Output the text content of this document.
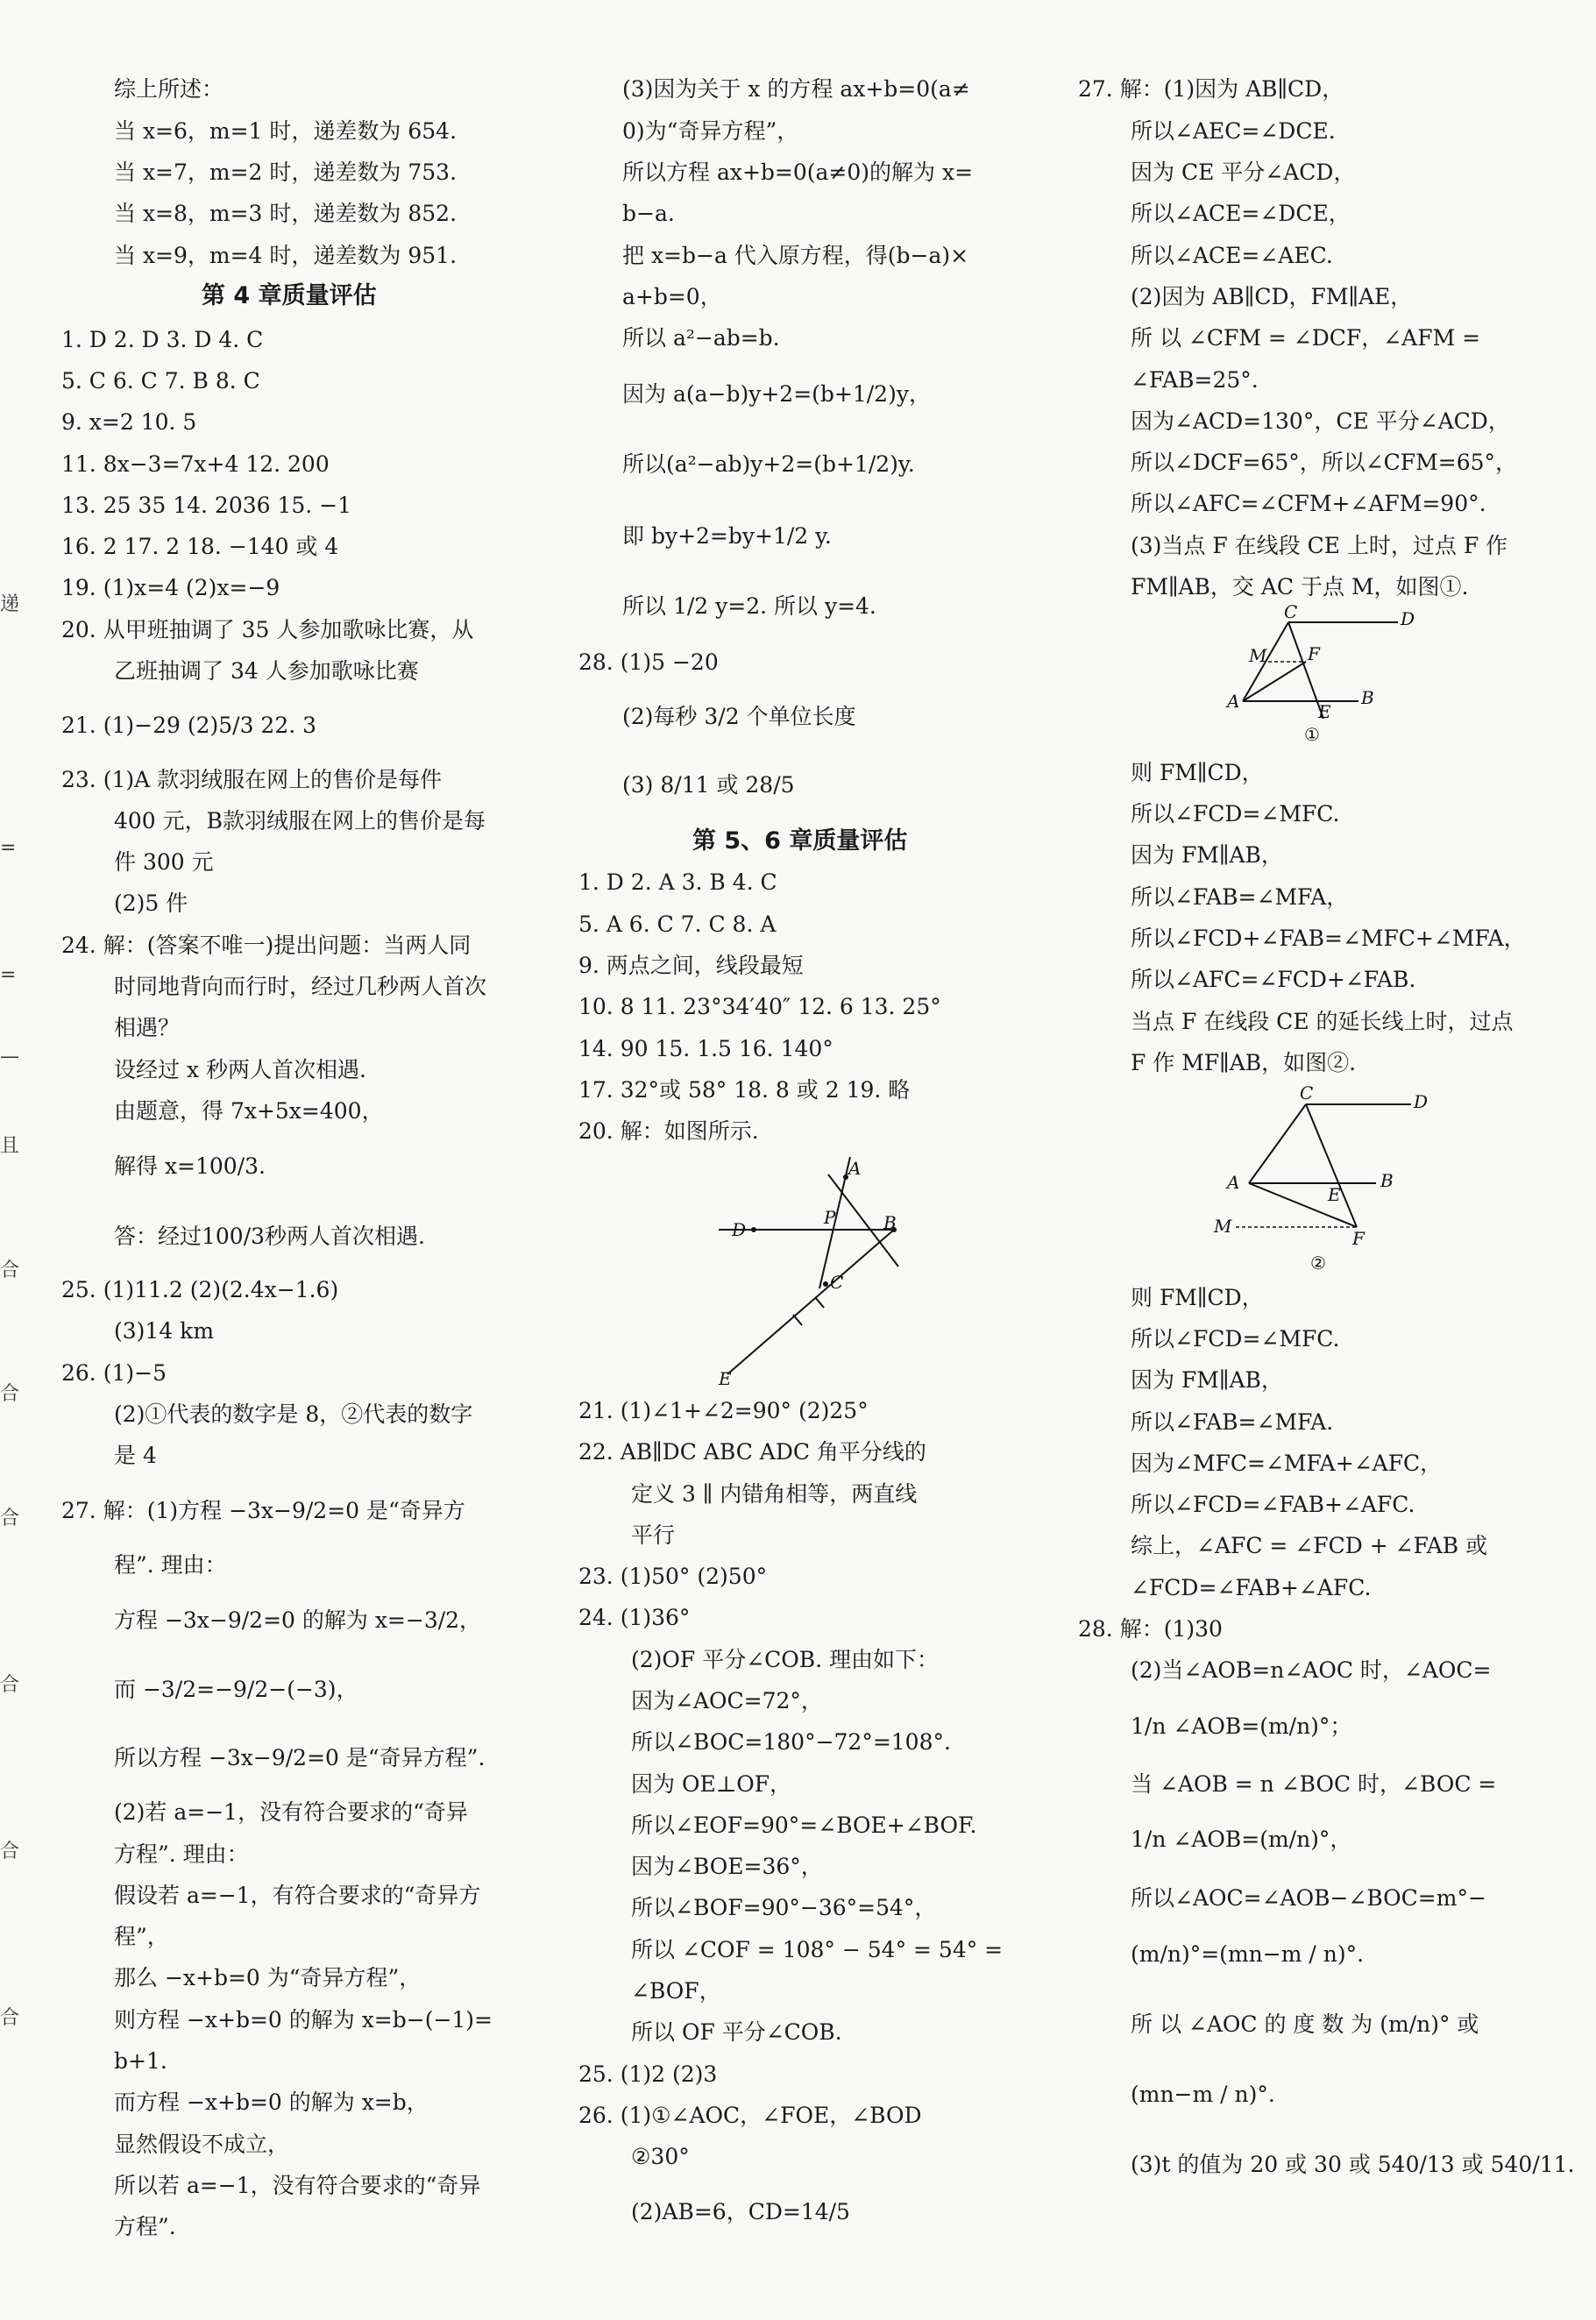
递
=
=
—
且
合
合
合
合
合
合
综上所述：
当 x=6，m=1 时，递差数为 654.
当 x=7，m=2 时，递差数为 753.
当 x=8，m=3 时，递差数为 852.
当 x=9，m=4 时，递差数为 951.
第 4 章质量评估
1. D 2. D 3. D 4. C
5. C 6. C 7. B 8. C
9. x=2 10. 5
11. 8x−3=7x+4 12. 200
13. 25 35 14. 2036 15. −1
16. 2 17. 2 18. −140 或 4
19. (1)x=4 (2)x=−9
20. 从甲班抽调了 35 人参加歌咏比赛，从
乙班抽调了 34 人参加歌咏比赛
21. (1)−29 (2)5/3 22. 3
23. (1)A 款羽绒服在网上的售价是每件
400 元，B款羽绒服在网上的售价是每
件 300 元
(2)5 件
24. 解：(答案不唯一)提出问题：当两人同
时同地背向而行时，经过几秒两人首次
相遇？
设经过 x 秒两人首次相遇.
由题意，得 7x+5x=400，
解得 x=100/3.
答：经过100/3秒两人首次相遇.
25. (1)11.2 (2)(2.4x−1.6)
(3)14 km
26. (1)−5
(2)①代表的数字是 8，②代表的数字
是 4
27. 解：(1)方程 −3x−9/2=0 是“奇异方
程”. 理由：
方程 −3x−9/2=0 的解为 x=−3/2，
而 −3/2=−9/2−(−3)，
所以方程 −3x−9/2=0 是“奇异方程”.
(2)若 a=−1，没有符合要求的“奇异
方程”. 理由：
假设若 a=−1，有符合要求的“奇异方
程”，
那么 −x+b=0 为“奇异方程”，
则方程 −x+b=0 的解为 x=b−(−1)=
b+1.
而方程 −x+b=0 的解为 x=b，
显然假设不成立，
所以若 a=−1，没有符合要求的“奇异
方程”.
(3)因为关于 x 的方程 ax+b=0(a≠
0)为“奇异方程”，
所以方程 ax+b=0(a≠0)的解为 x=
b−a.
把 x=b−a 代入原方程，得(b−a)×
a+b=0，
所以 a²−ab=b.
因为 a(a−b)y+2=(b+1/2)y，
所以(a²−ab)y+2=(b+1/2)y.
即 by+2=by+1/2 y.
所以 1/2 y=2. 所以 y=4.
28. (1)5 −20
(2)每秒 3/2 个单位长度
(3) 8/11 或 28/5
第 5、6 章质量评估
1. D 2. A 3. B 4. C
5. A 6. C 7. C 8. A
9. 两点之间，线段最短
10. 8 11. 23°34′40″ 12. 6 13. 25°
14. 90 15. 1.5 16. 140°
17. 32°或 58° 18. 8 或 2 19. 略
20. 解：如图所示.
21. (1)∠1+∠2=90° (2)25°
22. AB∥DC ABC ADC 角平分线的
定义 3 ∥ 内错角相等，两直线
平行
23. (1)50° (2)50°
24. (1)36°
(2)OF 平分∠COB. 理由如下：
因为∠AOC=72°，
所以∠BOC=180°−72°=108°.
因为 OE⊥OF，
所以∠EOF=90°=∠BOE+∠BOF.
因为∠BOE=36°，
所以∠BOF=90°−36°=54°，
所以 ∠COF = 108° − 54° = 54° =
∠BOF，
所以 OF 平分∠COB.
25. (1)2 (2)3
26. (1)①∠AOC，∠FOE，∠BOD
②30°
(2)AB=6，CD=14/5
A
P	B
D
C
E
27. 解：(1)因为 AB∥CD，
所以∠AEC=∠DCE.
因为 CE 平分∠ACD，
所以∠ACE=∠DCE，
所以∠ACE=∠AEC.
(2)因为 AB∥CD，FM∥AE，
所 以 ∠CFM = ∠DCF，∠AFM =
∠FAB=25°.
因为∠ACD=130°，CE 平分∠ACD，
所以∠DCF=65°，所以∠CFM=65°，
所以∠AFC=∠CFM+∠AFM=90°.
(3)当点 F 在线段 CE 上时，过点 F 作
FM∥AB，交 AC 于点 M，如图①.
则 FM∥CD，
所以∠FCD=∠MFC.
因为 FM∥AB，
所以∠FAB=∠MFA，
所以∠FCD+∠FAB=∠MFC+∠MFA，
所以∠AFC=∠FCD+∠FAB.
当点 F 在线段 CE 的延长线上时，过点
F 作 MF∥AB，如图②.
则 FM∥CD，
所以∠FCD=∠MFC.
因为 FM∥AB，
所以∠FAB=∠MFA.
因为∠MFC=∠MFA+∠AFC，
所以∠FCD=∠FAB+∠AFC.
综上，∠AFC = ∠FCD + ∠FAB 或
∠FCD=∠FAB+∠AFC.
28. 解：(1)30
(2)当∠AOB=n∠AOC 时，∠AOC=
1/n ∠AOB=(m/n)°；
当 ∠AOB = n ∠BOC 时，∠BOC =
1/n ∠AOB=(m/n)°，
所以∠AOC=∠AOB−∠BOC=m°−
(m/n)°=(mn−m / n)°.
所 以 ∠AOC 的 度 数 为 (m/n)° 或
(mn−m / n)°.
(3)t 的值为 20 或 30 或 540/13 或 540/11.
C	D
M F
A	E
B
①
C	D
A
E
B
M
F
②
